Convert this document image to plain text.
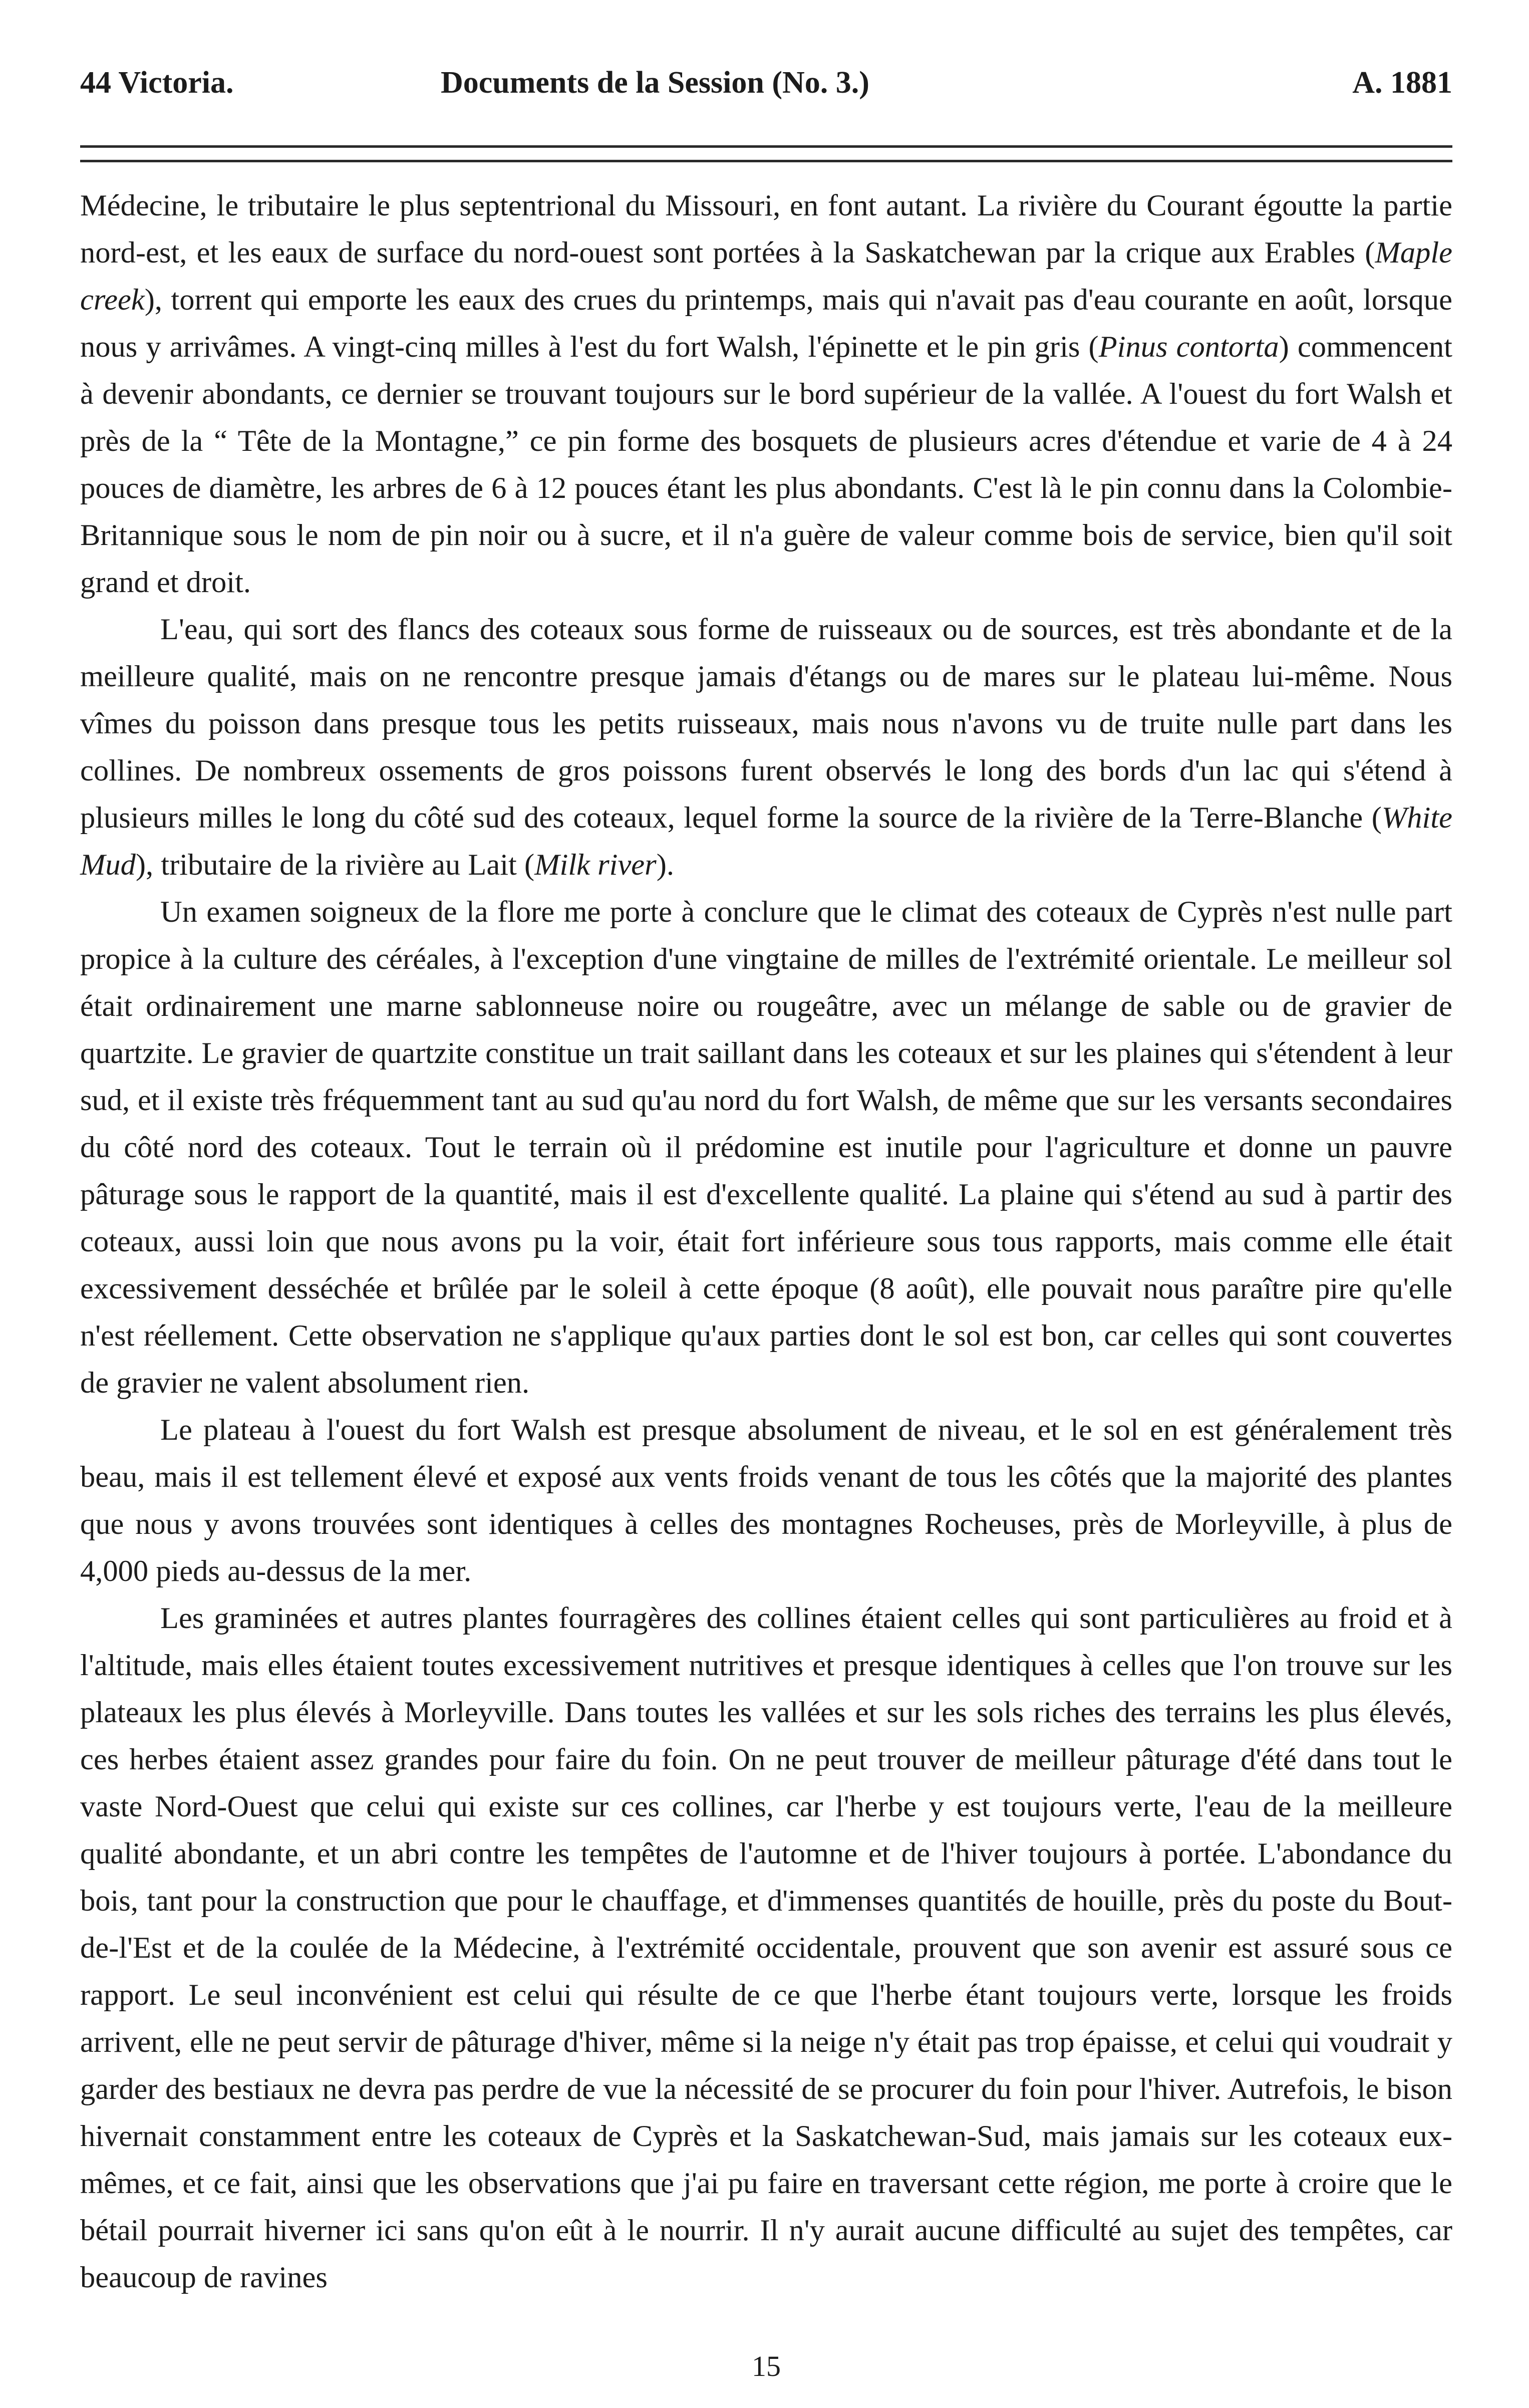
44 Victoria.	Documents de la Session (No. 3.)	A. 1881

Médecine, le tributaire le plus septentrional du Missouri, en font autant. La rivière du Courant égoutte la partie nord-est, et les eaux de surface du nord-ouest sont portées à la Saskatchewan par la crique aux Erables (Maple creek), torrent qui emporte les eaux des crues du printemps, mais qui n'avait pas d'eau courante en août, lorsque nous y arrivâmes. A vingt-cinq milles à l'est du fort Walsh, l'épinette et le pin gris (Pinus contorta) commencent à devenir abondants, ce dernier se trouvant toujours sur le bord supérieur de la vallée. A l'ouest du fort Walsh et près de la “ Tête de la Montagne,” ce pin forme des bosquets de plusieurs acres d'étendue et varie de 4 à 24 pouces de diamètre, les arbres de 6 à 12 pouces étant les plus abondants. C'est là le pin connu dans la Colombie-Britannique sous le nom de pin noir ou à sucre, et il n'a guère de valeur comme bois de service, bien qu'il soit grand et droit.

L'eau, qui sort des flancs des coteaux sous forme de ruisseaux ou de sources, est très abondante et de la meilleure qualité, mais on ne rencontre presque jamais d'étangs ou de mares sur le plateau lui-même. Nous vîmes du poisson dans presque tous les petits ruisseaux, mais nous n'avons vu de truite nulle part dans les collines. De nombreux ossements de gros poissons furent observés le long des bords d'un lac qui s'étend à plusieurs milles le long du côté sud des coteaux, lequel forme la source de la rivière de la Terre-Blanche (White Mud), tributaire de la rivière au Lait (Milk river).

Un examen soigneux de la flore me porte à conclure que le climat des coteaux de Cyprès n'est nulle part propice à la culture des céréales, à l'exception d'une vingtaine de milles de l'extrémité orientale. Le meilleur sol était ordinairement une marne sablonneuse noire ou rougeâtre, avec un mélange de sable ou de gravier de quartzite. Le gravier de quartzite constitue un trait saillant dans les coteaux et sur les plaines qui s'étendent à leur sud, et il existe très fréquemment tant au sud qu'au nord du fort Walsh, de même que sur les versants secondaires du côté nord des coteaux. Tout le terrain où il prédomine est inutile pour l'agriculture et donne un pauvre pâturage sous le rapport de la quantité, mais il est d'excellente qualité. La plaine qui s'étend au sud à partir des coteaux, aussi loin que nous avons pu la voir, était fort inférieure sous tous rapports, mais comme elle était excessivement desséchée et brûlée par le soleil à cette époque (8 août), elle pouvait nous paraître pire qu'elle n'est réellement. Cette observation ne s'applique qu'aux parties dont le sol est bon, car celles qui sont couvertes de gravier ne valent absolument rien.

Le plateau à l'ouest du fort Walsh est presque absolument de niveau, et le sol en est généralement très beau, mais il est tellement élevé et exposé aux vents froids venant de tous les côtés que la majorité des plantes que nous y avons trouvées sont identiques à celles des montagnes Rocheuses, près de Morleyville, à plus de 4,000 pieds au-dessus de la mer.

Les graminées et autres plantes fourragères des collines étaient celles qui sont particulières au froid et à l'altitude, mais elles étaient toutes excessivement nutritives et presque identiques à celles que l'on trouve sur les plateaux les plus élevés à Morleyville. Dans toutes les vallées et sur les sols riches des terrains les plus élevés, ces herbes étaient assez grandes pour faire du foin. On ne peut trouver de meilleur pâturage d'été dans tout le vaste Nord-Ouest que celui qui existe sur ces collines, car l'herbe y est toujours verte, l'eau de la meilleure qualité abondante, et un abri contre les tempêtes de l'automne et de l'hiver toujours à portée. L'abondance du bois, tant pour la construction que pour le chauffage, et d'immenses quantités de houille, près du poste du Bout-de-l'Est et de la coulée de la Médecine, à l'extrémité occidentale, prouvent que son avenir est assuré sous ce rapport. Le seul inconvénient est celui qui résulte de ce que l'herbe étant toujours verte, lorsque les froids arrivent, elle ne peut servir de pâturage d'hiver, même si la neige n'y était pas trop épaisse, et celui qui voudrait y garder des bestiaux ne devra pas perdre de vue la nécessité de se procurer du foin pour l'hiver. Autrefois, le bison hivernait constamment entre les coteaux de Cyprès et la Saskatchewan-Sud, mais jamais sur les coteaux eux-mêmes, et ce fait, ainsi que les observations que j'ai pu faire en traversant cette région, me porte à croire que le bétail pourrait hiverner ici sans qu'on eût à le nourrir. Il n'y aurait aucune difficulté au sujet des tempêtes, car beaucoup de ravines

15
